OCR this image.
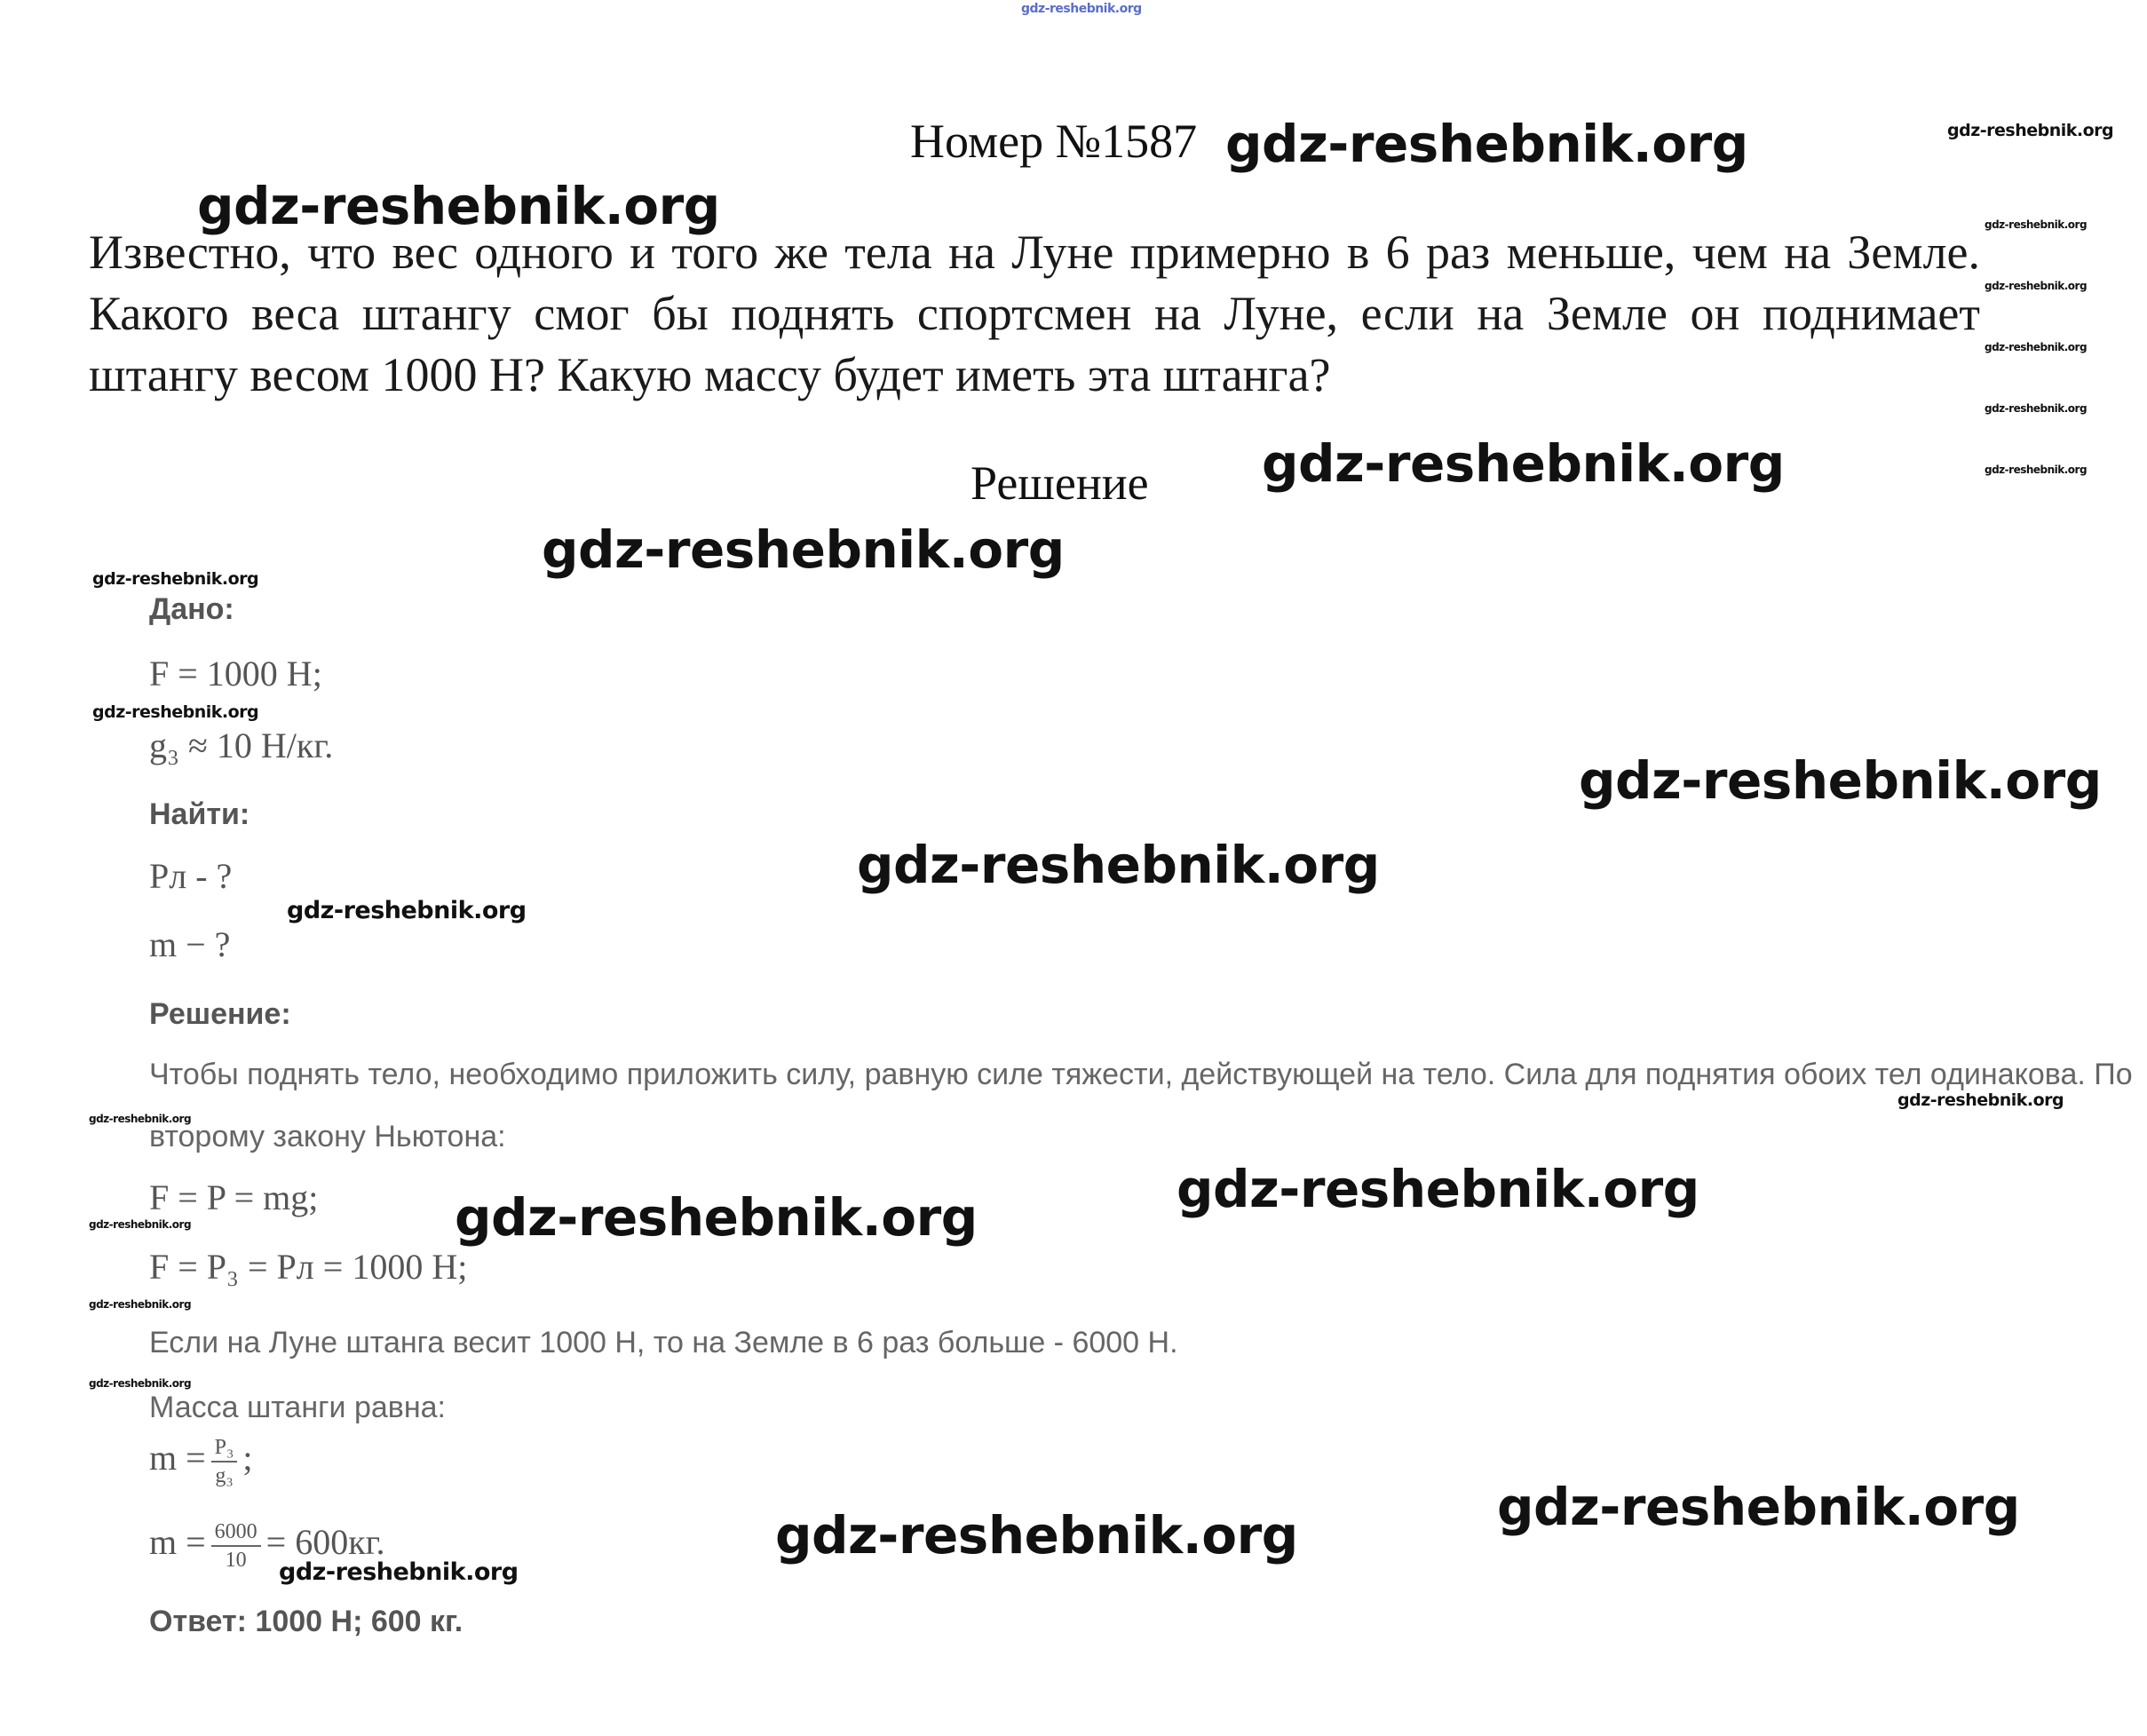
gdz-reshebnik.org
Номер №1587
Решение
Известно, что вес одного и того же тела на Луне примерно в 6 раз меньше, чем на Земле. Какого веса штангу смог бы поднять спортсмен на Луне, если на Земле он поднимает штангу весом 1000 Н? Какую массу будет иметь эта штанга?
Дано:
F = 1000 Н;
g₃ ≈ 10 Н/кг.
Найти:
Pл - ?
m − ?
Решение:
Чтобы поднять тело, необходимо приложить силу, равную силе тяжести, действующей на тело. Сила для поднятия обоих тел одинакова. По
второму закону Ньютона:
F = P = mg;
F = P₃ = Pл = 1000 Н;
Если на Луне штанга весит 1000 Н, то на Земле в 6 раз больше - 6000 Н.
Масса штанги равна:
$m = \frac{\text{P₃}}{\text{g₃}}$ ;
$m = \frac{6000}{10} = 600кг$.
Ответ: 1000 Н; 600 кг.
gdz-reshebnik.org
gdz-reshebnik.org
gdz-reshebnik.org
gdz-reshebnik.org
gdz-reshebnik.org
gdz-reshebnik.org
gdz-reshebnik.org
gdz-reshebnik.org
gdz-reshebnik.org
gdz-reshebnik.org
gdz-reshebnik.org
gdz-reshebnik.org
gdz-reshebnik.org
gdz-reshebnik.org
gdz-reshebnik.org
gdz-reshebnik.org
gdz-reshebnik.org
gdz-reshebnik.org
gdz-reshebnik.org
gdz-reshebnik.org
gdz-reshebnik.org
gdz-reshebnik.org
gdz-reshebnik.org
gdz-reshebnik.org
gdz-reshebnik.org
